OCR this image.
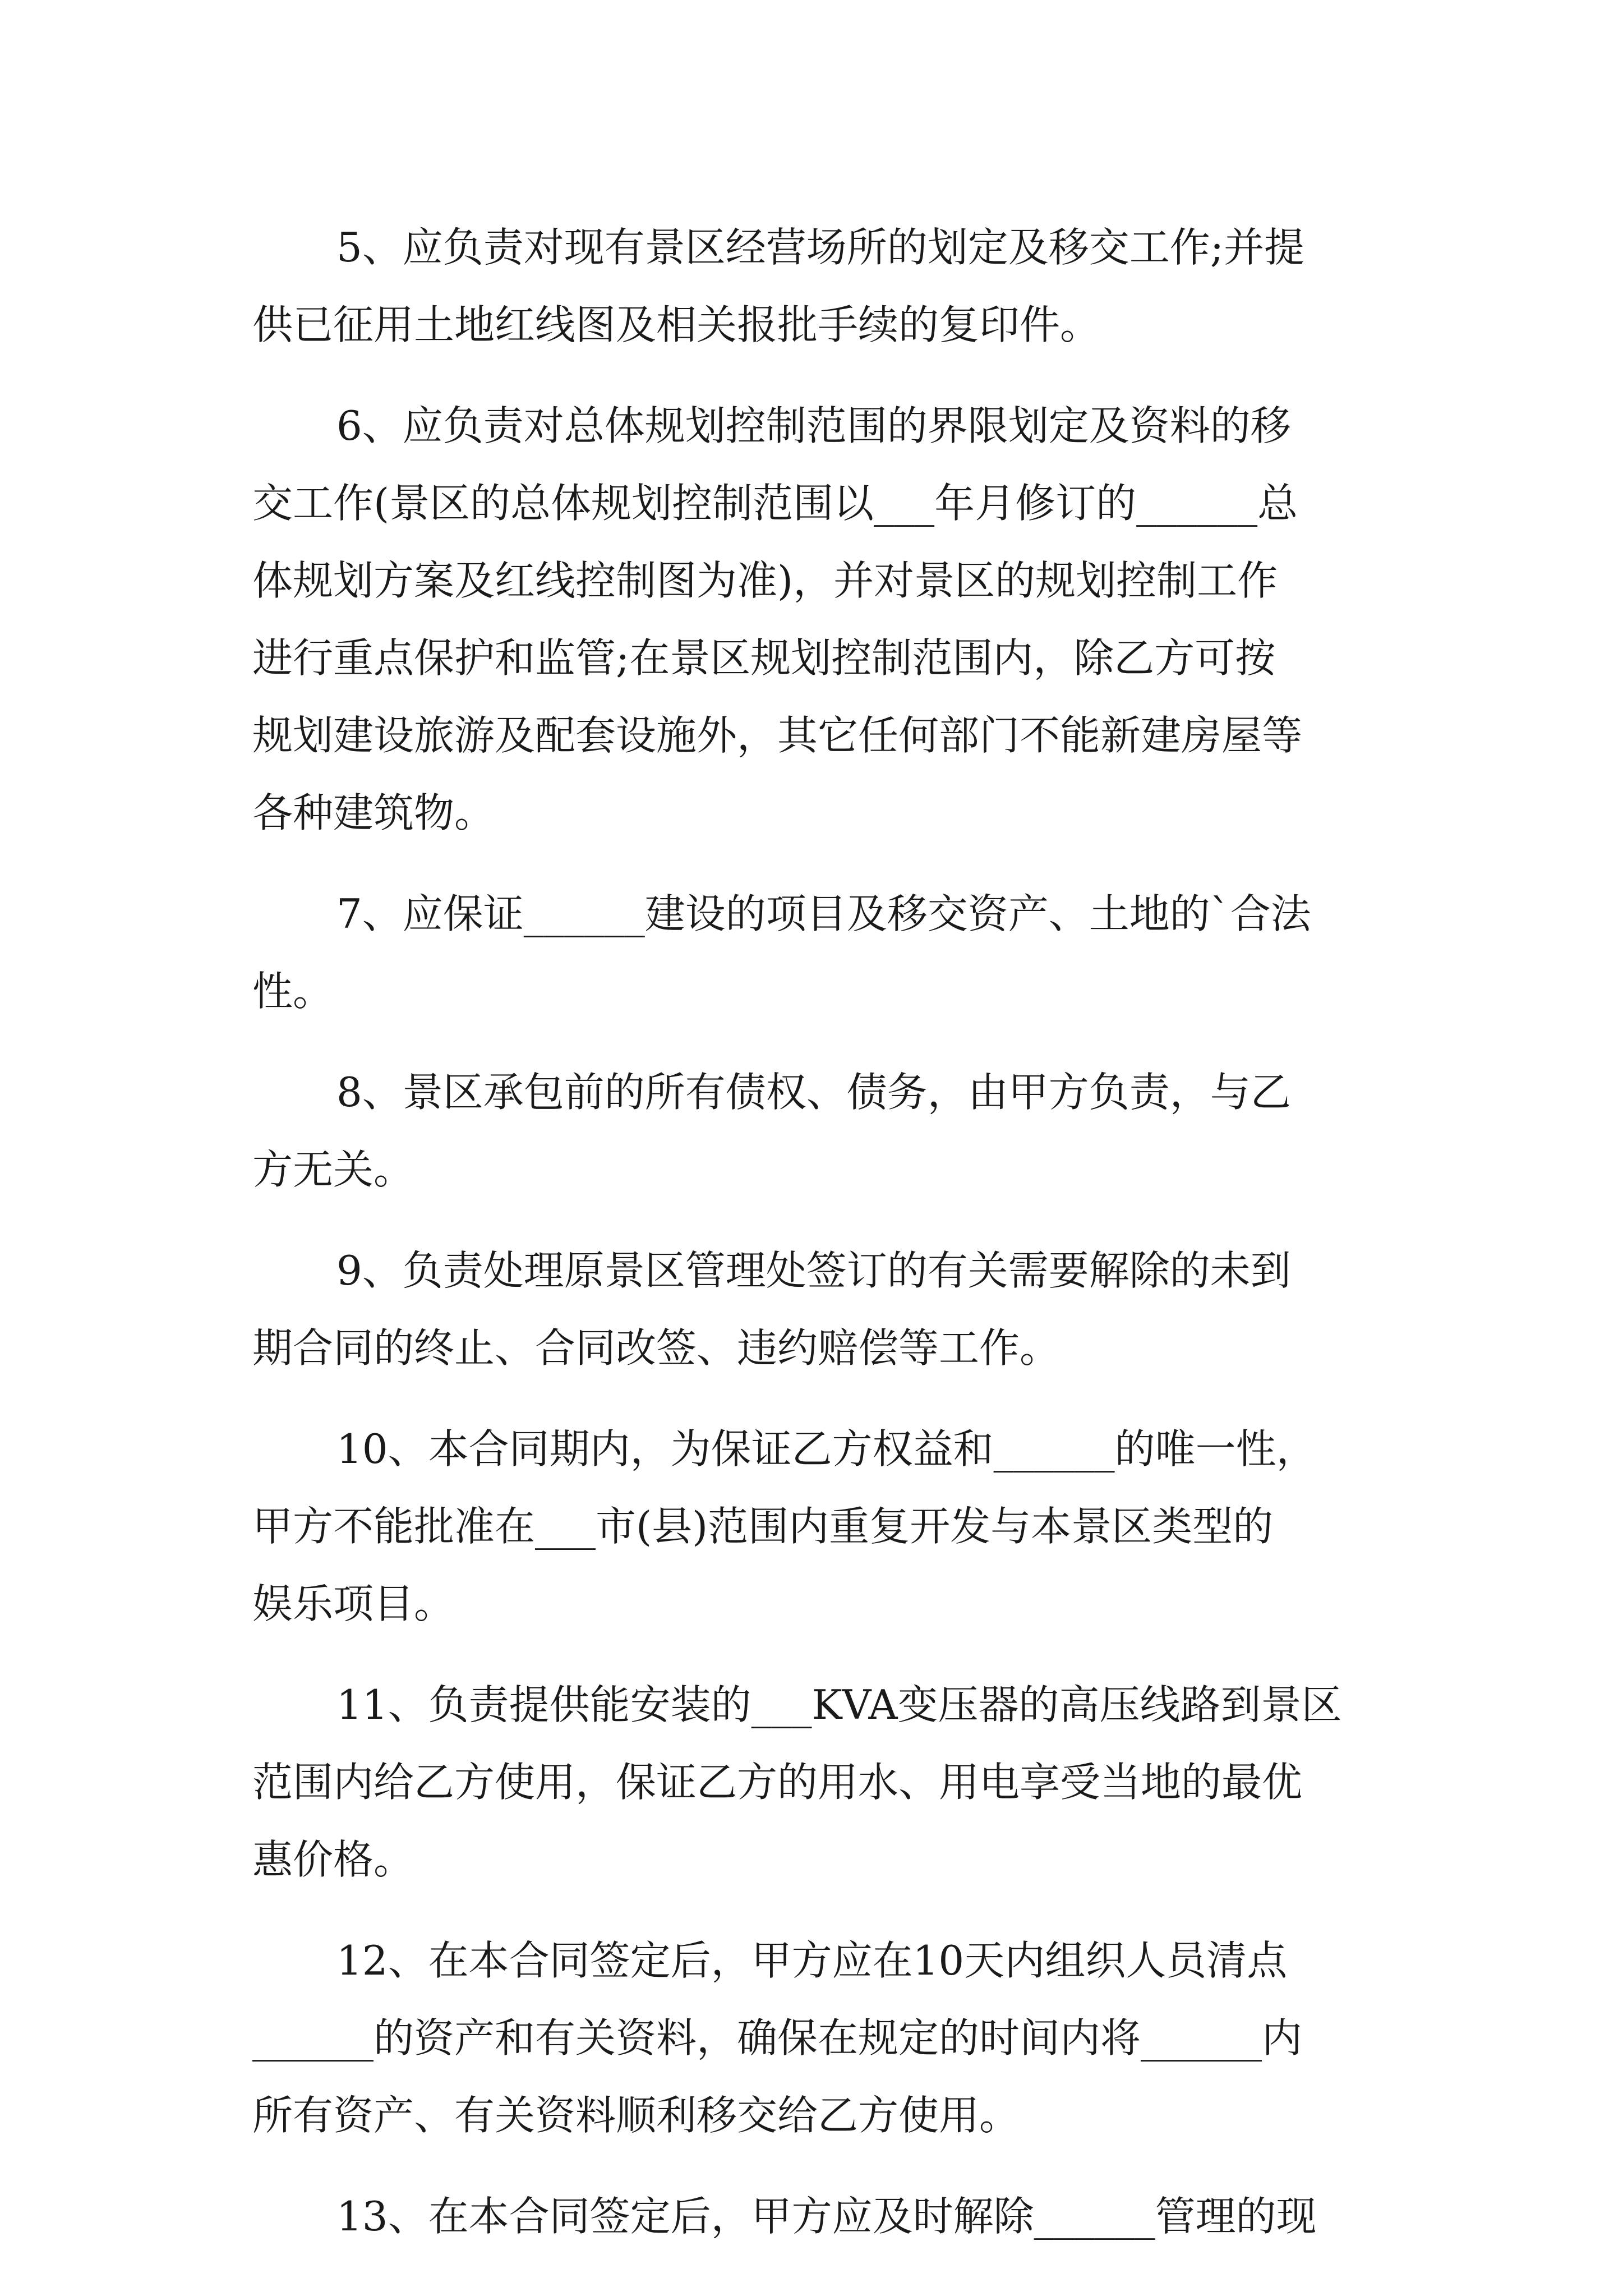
5、应负责对现有景区经营场所的划定及移交工作;并提
供已征用土地红线图及相关报批手续的复印件。
6、应负责对总体规划控制范围的界限划定及资料的移
交工作(景区的总体规划控制范围以___年月修订的______总
体规划方案及红线控制图为准)，并对景区的规划控制工作
进行重点保护和监管;在景区规划控制范围内，除乙方可按
规划建设旅游及配套设施外，其它任何部门不能新建房屋等
各种建筑物。
7、应保证______建设的项目及移交资产、土地的`合法
性。
8、景区承包前的所有债权、债务，由甲方负责，与乙
方无关。
9、负责处理原景区管理处签订的有关需要解除的未到
期合同的终止、合同改签、违约赔偿等工作。
10、本合同期内，为保证乙方权益和______的唯一性，
甲方不能批准在___市(县)范围内重复开发与本景区类型的
娱乐项目。
11、负责提供能安装的___KVA变压器的高压线路到景区
范围内给乙方使用，保证乙方的用水、用电享受当地的最优
惠价格。
12、在本合同签定后，甲方应在10天内组织人员清点
______的资产和有关资料，确保在规定的时间内将______内
所有资产、有关资料顺利移交给乙方使用。
13、在本合同签定后，甲方应及时解除______管理的现
